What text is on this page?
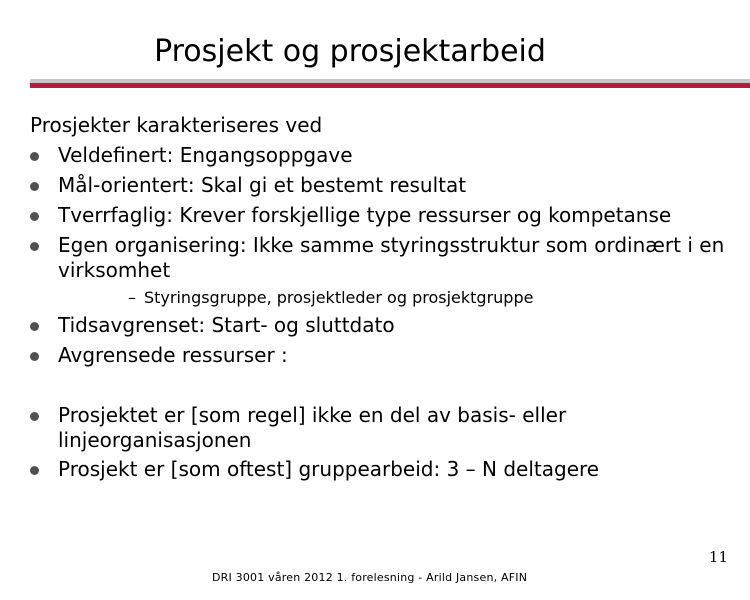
Prosjekt og prosjektarbeid
Prosjekter karakteriseres ved
Veldefinert: Engangsoppgave
Mål-orientert: Skal gi et bestemt resultat
Tverrfaglig: Krever forskjellige type ressurser og kompetanse
Egen organisering: Ikke samme styringsstruktur som ordinært i en virksomhet
– Styringsgruppe, prosjektleder og prosjektgruppe
Tidsavgrenset: Start- og sluttdato
Avgrensede ressurser :
Prosjektet er [som regel] ikke en del av basis- eller linjeorganisasjonen
Prosjekt er [som oftest] gruppearbeid: 3 – N deltagere
11
DRI 3001 våren 2012 1. forelesning - Arild Jansen, AFIN
